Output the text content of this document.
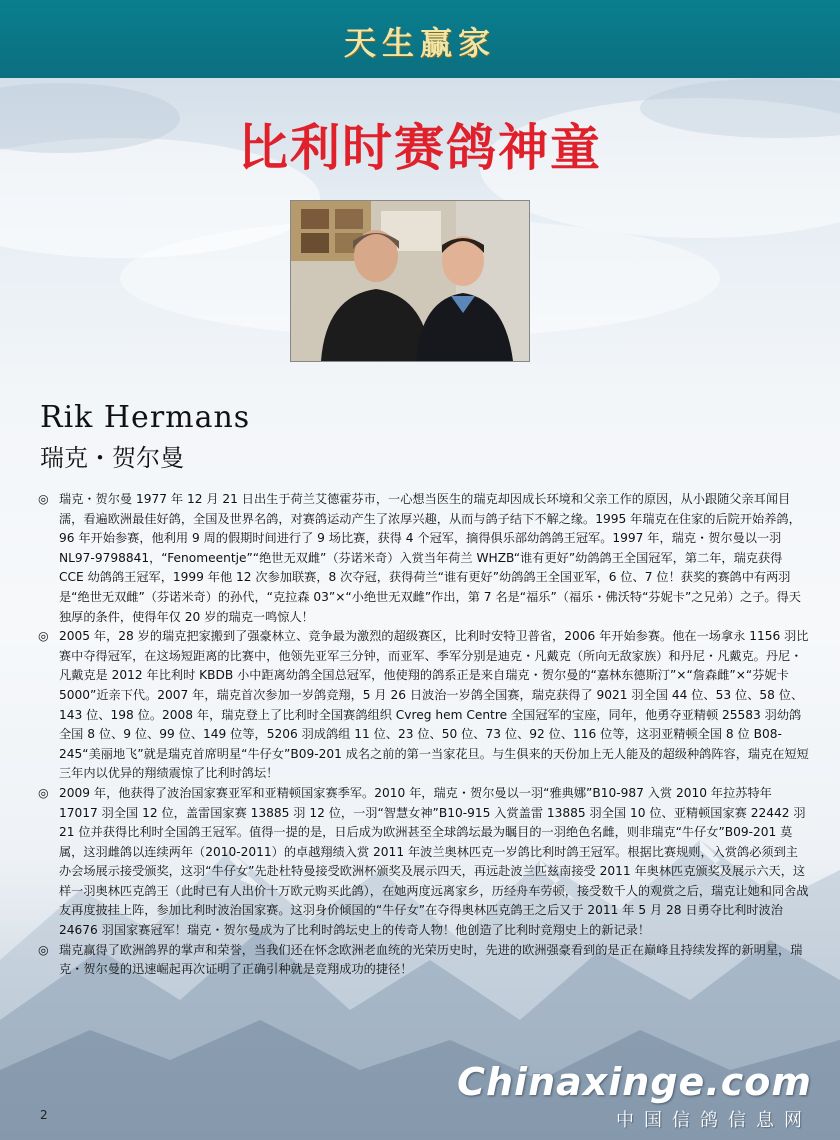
天生赢家
比利时赛鸽神童
Rik Hermans
瑞克・贺尔曼

◎ 瑞克・贺尔曼 1977 年 12 月 21 日出生于荷兰艾德霍芬市，一心想当医生的瑞克却因成长环境和父亲工作的原因，从小跟随父亲耳闻目濡，看遍欧洲最佳好鸽，全国及世界名鸽，对赛鸽运动产生了浓厚兴趣，从而与鸽子结下不解之缘。1995 年瑞克在住家的后院开始养鸽，96 年开始参赛，他利用 9 周的假期时间进行了 9 场比赛，获得 4 个冠军，摘得俱乐部幼鸽鸽王冠军。1997 年，瑞克・贺尔曼以一羽 NL97-9798841，“Fenomeentje”“绝世无双雌”（芬诺米奇）入赏当年荷兰 WHZB“谁有更好”幼鸽鸽王全国冠军，第二年，瑞克获得 CCE 幼鸽鸽王冠军，1999 年他 12 次参加联赛，8 次夺冠，获得荷兰“谁有更好”幼鸽鸽王全国亚军，6 位、7 位！获奖的赛鸽中有两羽是“绝世无双雌”（芬诺米奇）的孙代，“克拉森 03”×“小绝世无双雌”作出，第 7 名是“福乐”（福乐・佛沃特“芬妮卡”之兄弟）之子。得天独厚的条件，使得年仅 20 岁的瑞克一鸣惊人！

◎ 2005 年，28 岁的瑞克把家搬到了强豪林立、竞争最为激烈的超级赛区，比利时安特卫普省，2006 年开始参赛。他在一场拿永 1156 羽比赛中夺得冠军，在这场短距离的比赛中，他领先亚军三分钟，而亚军、季军分别是迪克・凡戴克（所向无敌家族）和丹尼・凡戴克。丹尼・凡戴克是 2012 年比利时 KBDB 小中距离幼鸽全国总冠军，他使翔的鸽系正是来自瑞克・贺尔曼的“嘉林东德斯汀”×“詹森雌”×“芬妮卡 5000”近亲下代。2007 年，瑞克首次参加一岁鸽竞翔，5 月 26 日波治一岁鸽全国赛，瑞克获得了 9021 羽全国 44 位、53 位、58 位、143 位、198 位。2008 年，瑞克登上了比利时全国赛鸽组织 Cvreg hem Centre 全国冠军的宝座，同年，他勇夺亚精顿 25583 羽幼鸽全国 8 位、9 位、99 位、149 位等，5206 羽成鸽组 11 位、23 位、50 位、73 位、92 位、116 位等，这羽亚精顿全国 8 位 B08-245“美丽地飞”就是瑞克首席明星“牛仔女”B09-201 成名之前的第一当家花旦。与生俱来的天份加上无人能及的超级种鸽阵容，瑞克在短短三年内以优异的翔绩震惊了比利时鸽坛！

◎ 2009 年，他获得了波治国家赛亚军和亚精顿国家赛季军。2010 年，瑞克・贺尔曼以一羽“雅典娜”B10-987 入赏 2010 年拉苏特年 17017 羽全国 12 位，盖雷国家赛 13885 羽 12 位，一羽“智慧女神”B10-915 入赏盖雷 13885 羽全国 10 位、亚精顿国家赛 22442 羽 21 位并获得比利时全国鸽王冠军。值得一提的是，日后成为欧洲甚至全球鸽坛最为瞩目的一羽绝色名雌，则非瑞克“牛仔女”B09-201 莫属，这羽雌鸽以连续两年（2010-2011）的卓越翔绩入赏 2011 年波兰奥林匹克一岁鸽比利时鸽王冠军。根据比赛规则，入赏鸽必须到主办会场展示接受颁奖，这羽“牛仔女”先赴杜特曼接受欧洲杯颁奖及展示四天，再远赴波兰匹兹南接受 2011 年奥林匹克颁奖及展示六天，这样一羽奥林匹克鸽王（此时已有人出价十万欧元购买此鸽），在她两度远离家乡，历经舟车劳顿，接受数千人的观赏之后，瑞克让她和同舍战友再度披挂上阵，参加比利时波治国家赛。这羽身价倾国的“牛仔女”在夺得奥林匹克鸽王之后又于 2011 年 5 月 28 日勇夺比利时波治 24676 羽国家赛冠军！瑞克・贺尔曼成为了比利时鸽坛史上的传奇人物！他创造了比利时竞翔史上的新记录！

◎ 瑞克赢得了欧洲鸽界的掌声和荣誉，当我们还在怀念欧洲老血统的光荣历史时，先进的欧洲强豪看到的是正在巅峰且持续发挥的新明星，瑞克・贺尔曼的迅速崛起再次证明了正确引种就是竞翔成功的捷径！

Chinaxinge.com
中国信鸽信息网
2
